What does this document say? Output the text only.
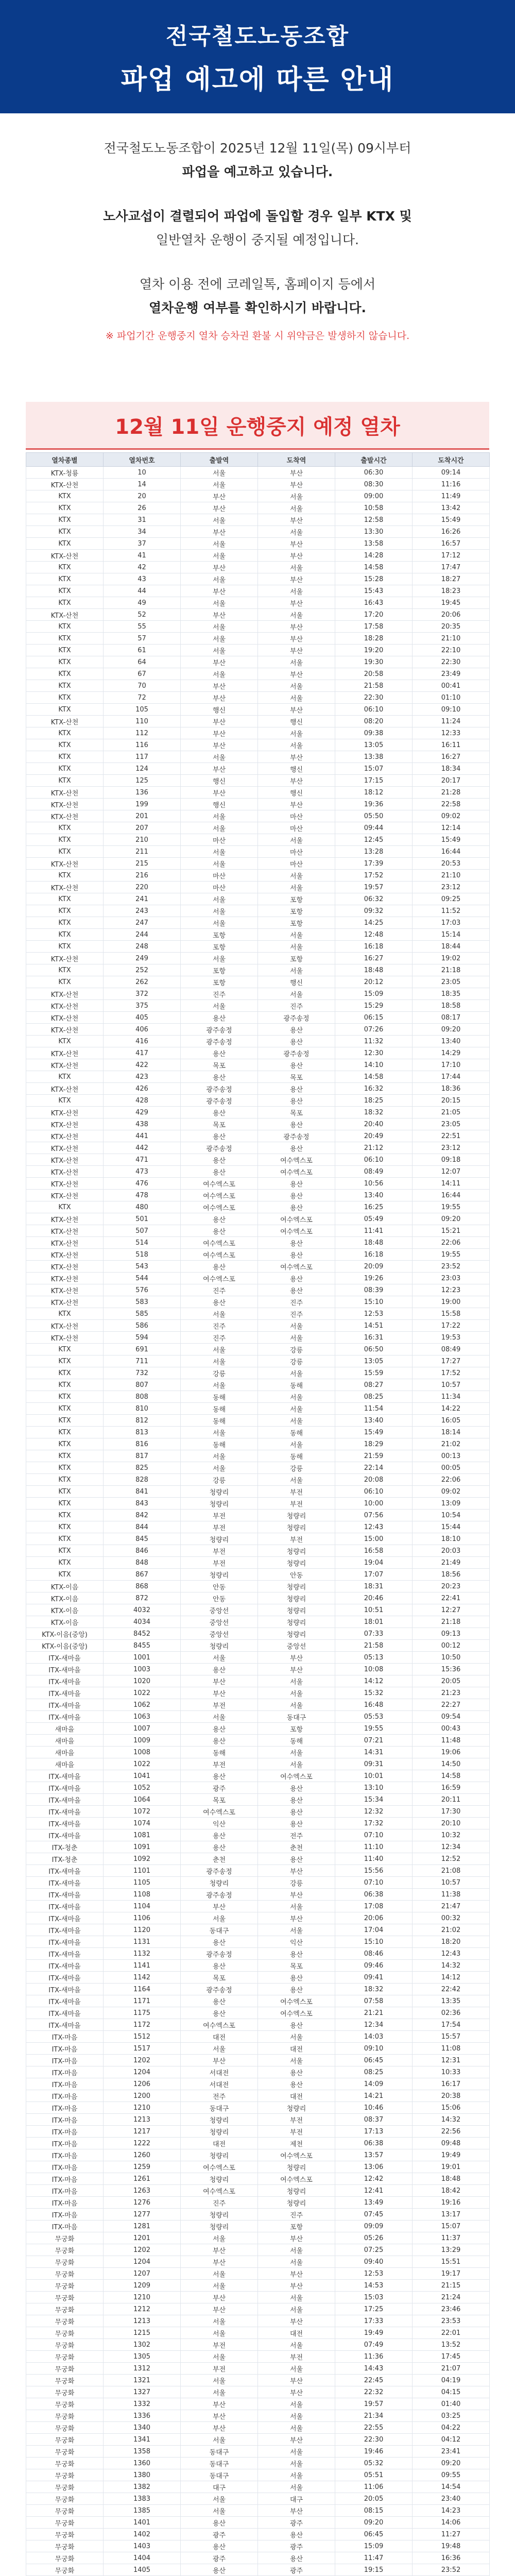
전국철도노동조합
파업 예고에 따른 안내

전국철도노동조합이 2025년 12월 11일(목) 09시부터
파업을 예고하고 있습니다.

노사교섭이 결렬되어 파업에 돌입할 경우 일부 KTX 및
일반열차 운행이 중지될 예정입니다.

열차 이용 전에 코레일톡, 홈페이지 등에서
열차운행 여부를 확인하시기 바랍니다.

※ 파업기간 운행중지 열차 승차권 환불 시 위약금은 발생하지 않습니다.

12월 11일 운행중지 예정 열차
열차종별	열차번호	출발역	도착역	출발시간	도착시간
KTX-청룡	10	서울	부산	06:30	09:14
KTX-산천	14	서울	부산	08:30	11:16
KTX	20	부산	서울	09:00	11:49
KTX	26	부산	서울	10:58	13:42
KTX	31	서울	부산	12:58	15:49
KTX	34	부산	서울	13:30	16:26
KTX	37	서울	부산	13:58	16:57
KTX-산천	41	서울	부산	14:28	17:12
KTX	42	부산	서울	14:58	17:47
KTX	43	서울	부산	15:28	18:27
KTX	44	부산	서울	15:43	18:23
KTX	49	서울	부산	16:43	19:45
KTX-산천	52	부산	서울	17:20	20:06
KTX	55	서울	부산	17:58	20:35
KTX	57	서울	부산	18:28	21:10
KTX	61	서울	부산	19:20	22:10
KTX	64	부산	서울	19:30	22:30
KTX	67	서울	부산	20:58	23:49
KTX	70	부산	서울	21:58	00:41
KTX	72	부산	서울	22:30	01:10
KTX	105	행신	부산	06:10	09:10
KTX-산천	110	부산	행신	08:20	11:24
KTX	112	부산	서울	09:38	12:33
KTX	116	부산	서울	13:05	16:11
KTX	117	서울	부산	13:38	16:27
KTX	124	부산	행신	15:07	18:34
KTX	125	행신	부산	17:15	20:17
KTX-산천	136	부산	행신	18:12	21:28
KTX-산천	199	행신	부산	19:36	22:58
KTX-산천	201	서울	마산	05:50	09:02
KTX	207	서울	마산	09:44	12:14
KTX	210	마산	서울	12:45	15:49
KTX	211	서울	마산	13:28	16:44
KTX-산천	215	서울	마산	17:39	20:53
KTX	216	마산	서울	17:52	21:10
KTX-산천	220	마산	서울	19:57	23:12
KTX	241	서울	포항	06:32	09:25
KTX	243	서울	포항	09:32	11:52
KTX	247	서울	포항	14:25	17:03
KTX	244	포항	서울	12:48	15:14
KTX	248	포항	서울	16:18	18:44
KTX-산천	249	서울	포항	16:27	19:02
KTX	252	포항	서울	18:48	21:18
KTX	262	포항	행신	20:12	23:05
KTX-산천	372	진주	서울	15:09	18:35
KTX-산천	375	서울	진주	15:29	18:58
KTX-산천	405	용산	광주송정	06:15	08:17
KTX-산천	406	광주송정	용산	07:26	09:20
KTX	416	광주송정	용산	11:32	13:40
KTX-산천	417	용산	광주송정	12:30	14:29
KTX-산천	422	목포	용산	14:10	17:10
KTX	423	용산	목포	14:58	17:44
KTX-산천	426	광주송정	용산	16:32	18:36
KTX	428	광주송정	용산	18:25	20:15
KTX-산천	429	용산	목포	18:32	21:05
KTX-산천	438	목포	용산	20:40	23:05
KTX-산천	441	용산	광주송정	20:49	22:51
KTX-산천	442	광주송정	용산	21:12	23:12
KTX-산천	471	용산	여수엑스포	06:10	09:18
KTX-산천	473	용산	여수엑스포	08:49	12:07
KTX-산천	476	여수엑스포	용산	10:56	14:11
KTX-산천	478	여수엑스포	용산	13:40	16:44
KTX	480	여수엑스포	용산	16:25	19:55
KTX-산천	501	용산	여수엑스포	05:49	09:20
KTX-산천	507	용산	여수엑스포	11:41	15:21
KTX-산천	514	여수엑스포	용산	18:48	22:06
KTX-산천	518	여수엑스포	용산	16:18	19:55
KTX-산천	543	용산	여수엑스포	20:09	23:52
KTX-산천	544	여수엑스포	용산	19:26	23:03
KTX-산천	576	진주	용산	08:39	12:23
KTX-산천	583	용산	진주	15:10	19:00
KTX	585	서울	진주	12:53	15:58
KTX-산천	586	진주	서울	14:51	17:22
KTX-산천	594	진주	서울	16:31	19:53
KTX	691	서울	강릉	06:50	08:49
KTX	711	서울	강릉	13:05	17:27
KTX	732	강릉	서울	15:59	17:52
KTX	807	서울	동해	08:27	10:57
KTX	808	동해	서울	08:25	11:34
KTX	810	동해	서울	11:54	14:22
KTX	812	동해	서울	13:40	16:05
KTX	813	서울	동해	15:49	18:14
KTX	816	동해	서울	18:29	21:02
KTX	817	서울	동해	21:59	00:13
KTX	825	서울	강릉	22:14	00:05
KTX	828	강릉	서울	20:08	22:06
KTX	841	청량리	부전	06:10	09:02
KTX	843	청량리	부전	10:00	13:09
KTX	842	부전	청량리	07:56	10:54
KTX	844	부전	청량리	12:43	15:44
KTX	845	청량리	부전	15:00	18:10
KTX	846	부전	청량리	16:58	20:03
KTX	848	부전	청량리	19:04	21:49
KTX	867	청량리	안동	17:07	18:56
KTX-이음	868	안동	청량리	18:31	20:23
KTX-이음	872	안동	청량리	20:46	22:41
KTX-이음	4032	중앙선	청량리	10:51	12:27
KTX-이음	4034	중앙선	청량리	18:01	21:18
KTX-이음(중앙)	8452	중앙선	청량리	07:33	09:13
KTX-이음(중앙)	8455	청량리	중앙선	21:58	00:12
ITX-새마을	1001	서울	부산	05:13	10:50
ITX-새마을	1003	용산	부산	10:08	15:36
ITX-새마을	1020	부산	서울	14:12	20:05
ITX-새마을	1022	부산	서울	15:32	21:23
ITX-새마을	1062	부전	서울	16:48	22:27
ITX-새마을	1063	서울	동대구	05:53	09:54
새마을	1007	용산	포항	19:55	00:43
새마을	1009	용산	동해	07:21	11:48
새마을	1008	동해	서울	14:31	19:06
새마을	1022	부전	서울	09:31	14:50
ITX-새마을	1041	용산	여수엑스포	10:01	14:58
ITX-새마을	1052	광주	용산	13:10	16:59
ITX-새마을	1064	목포	용산	15:34	20:11
ITX-새마을	1072	여수엑스포	용산	12:32	17:30
ITX-새마을	1074	익산	용산	17:32	20:10
ITX-새마을	1081	용산	전주	07:10	10:32
ITX-청춘	1091	용산	춘천	11:10	12:34
ITX-청춘	1092	춘천	용산	11:40	12:52
ITX-새마을	1101	광주송정	부산	15:56	21:08
ITX-새마을	1105	청량리	강릉	07:10	10:57
ITX-새마을	1108	광주송정	부산	06:38	11:38
ITX-새마을	1104	부산	서울	17:08	21:47
ITX-새마을	1106	서울	부산	20:06	00:32
ITX-새마을	1120	동대구	서울	17:04	21:02
ITX-새마을	1131	용산	익산	15:10	18:20
ITX-새마을	1132	광주송정	용산	08:46	12:43
ITX-새마을	1141	용산	목포	09:46	14:32
ITX-새마을	1142	목포	용산	09:41	14:12
ITX-새마을	1164	광주송정	용산	18:32	22:42
ITX-새마을	1171	용산	여수엑스포	07:58	13:35
ITX-새마을	1175	용산	여수엑스포	21:21	02:36
ITX-새마을	1172	여수엑스포	용산	12:34	17:54
ITX-마음	1512	대전	서울	14:03	15:57
ITX-마음	1517	서울	대전	09:10	11:08
ITX-마음	1202	부산	서울	06:45	12:31
ITX-마음	1204	서대전	용산	08:25	10:33
ITX-마음	1206	서대전	용산	14:09	16:17
ITX-마음	1200	전주	대전	14:21	20:38
ITX-마음	1210	동대구	청량리	10:46	15:06
ITX-마음	1213	청량리	부전	08:37	14:32
ITX-마음	1217	청량리	부전	17:13	22:56
ITX-마음	1222	대전	제천	06:38	09:48
ITX-마음	1260	청량리	여수엑스포	13:57	19:49
ITX-마음	1259	여수엑스포	청량리	13:06	19:01
ITX-마음	1261	청량리	여수엑스포	12:42	18:48
ITX-마음	1263	여수엑스포	청량리	12:41	18:42
ITX-마음	1276	진주	청량리	13:49	19:16
ITX-마음	1277	청량리	진주	07:45	13:17
ITX-마음	1281	청량리	포항	09:09	15:07
무궁화	1201	서울	부산	05:26	11:37
무궁화	1202	부산	서울	07:25	13:29
무궁화	1204	부산	서울	09:40	15:51
무궁화	1207	서울	부산	12:53	19:17
무궁화	1209	서울	부산	14:53	21:15
무궁화	1210	부산	서울	15:03	21:24
무궁화	1212	부산	서울	17:25	23:46
무궁화	1213	서울	부산	17:33	23:53
무궁화	1215	서울	대전	19:49	22:01
무궁화	1302	부전	서울	07:49	13:52
무궁화	1305	서울	부전	11:36	17:45
무궁화	1312	부전	서울	14:43	21:07
무궁화	1321	서울	부산	22:45	04:19
무궁화	1327	서울	부산	22:32	04:15
무궁화	1332	부산	서울	19:57	01:40
무궁화	1336	부산	서울	21:34	03:25
무궁화	1340	부산	서울	22:55	04:22
무궁화	1341	서울	부산	22:30	04:12
무궁화	1358	동대구	서울	19:46	23:41
무궁화	1360	동대구	서울	05:32	09:20
무궁화	1380	동대구	서울	05:51	09:55
무궁화	1382	대구	서울	11:06	14:54
무궁화	1383	서울	대구	20:05	23:40
무궁화	1385	서울	부산	08:15	14:23
무궁화	1401	용산	광주	09:20	14:06
무궁화	1402	광주	용산	06:45	11:27
무궁화	1403	용산	광주	15:09	19:48
무궁화	1404	광주	용산	11:47	16:36
무궁화	1405	용산	광주	19:15	23:52
